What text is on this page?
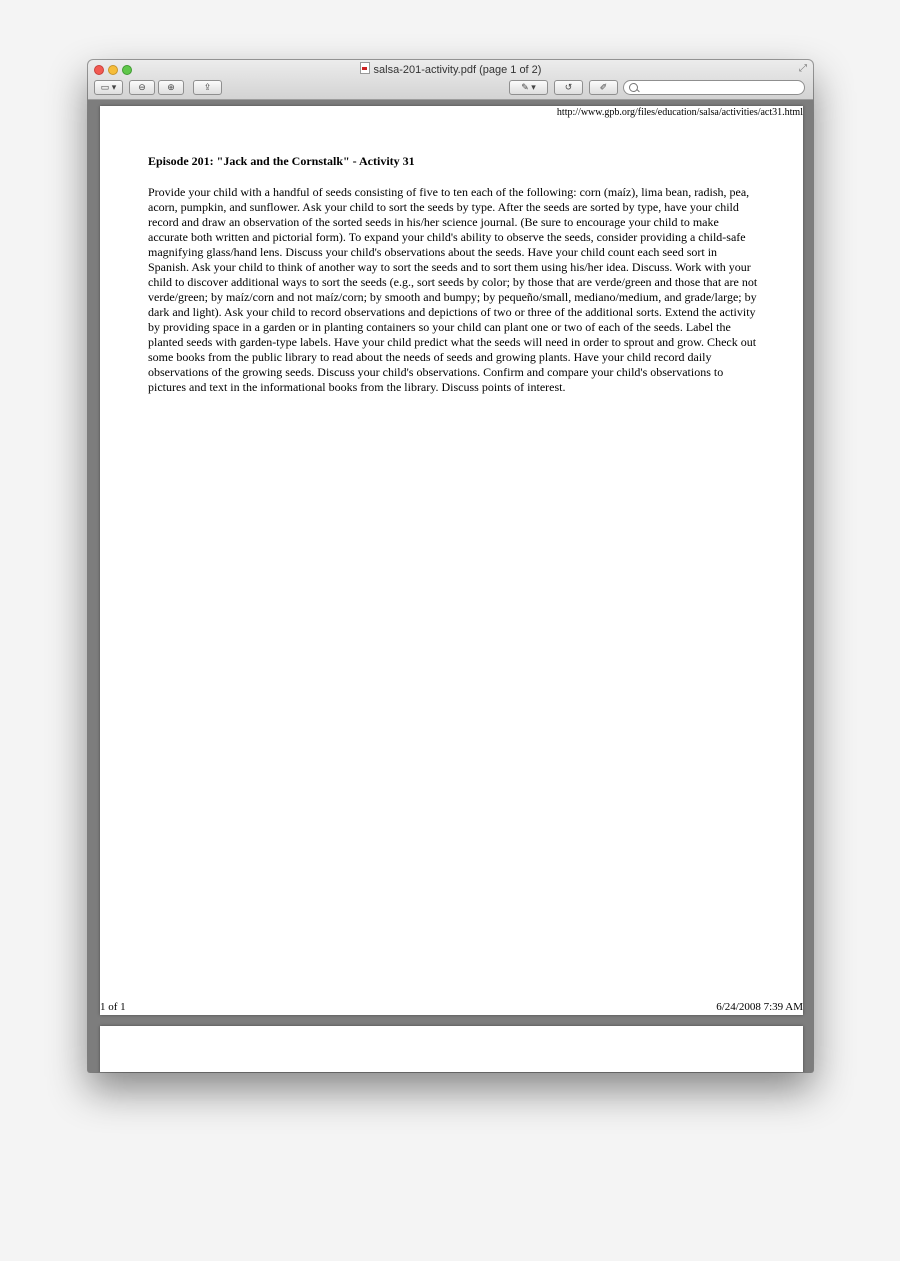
salsa-201-activity.pdf (page 1 of 2)	⤢
▭ ▾	⊖	⊕	⇪	✎ ▾	↺	✐
http://www.gpb.org/files/education/salsa/activities/act31.html
Episode 201: "Jack and the Cornstalk" - Activity 31

Provide your child with a handful of seeds consisting of five to ten each of the following: corn (maíz), lima bean, radish, pea, acorn, pumpkin, and sunflower. Ask your child to sort the seeds by type. After the seeds are sorted by type, have your child record and draw an observation of the sorted seeds in his/her science journal. (Be sure to encourage your child to make accurate both written and pictorial form). To expand your child's ability to observe the seeds, consider providing a child-safe magnifying glass/hand lens. Discuss your child's observations about the seeds. Have your child count each seed sort in Spanish. Ask your child to think of another way to sort the seeds and to sort them using his/her idea. Discuss. Work with your child to discover additional ways to sort the seeds (e.g., sort seeds by color; by those that are verde/green and those that are not verde/green; by maíz/corn and not maíz/corn; by smooth and bumpy; by pequeño/small, mediano/medium, and grade/large; by dark and light). Ask your child to record observations and depictions of two or three of the additional sorts. Extend the activity by providing space in a garden or in planting containers so your child can plant one or two of each of the seeds. Label the planted seeds with garden-type labels. Have your child predict what the seeds will need in order to sprout and grow. Check out some books from the public library to read about the needs of seeds and growing plants. Have your child record daily observations of the growing seeds. Discuss your child's observations. Confirm and compare your child's observations to pictures and text in the informational books from the library. Discuss points of interest.

1 of 1	6/24/2008 7:39 AM
